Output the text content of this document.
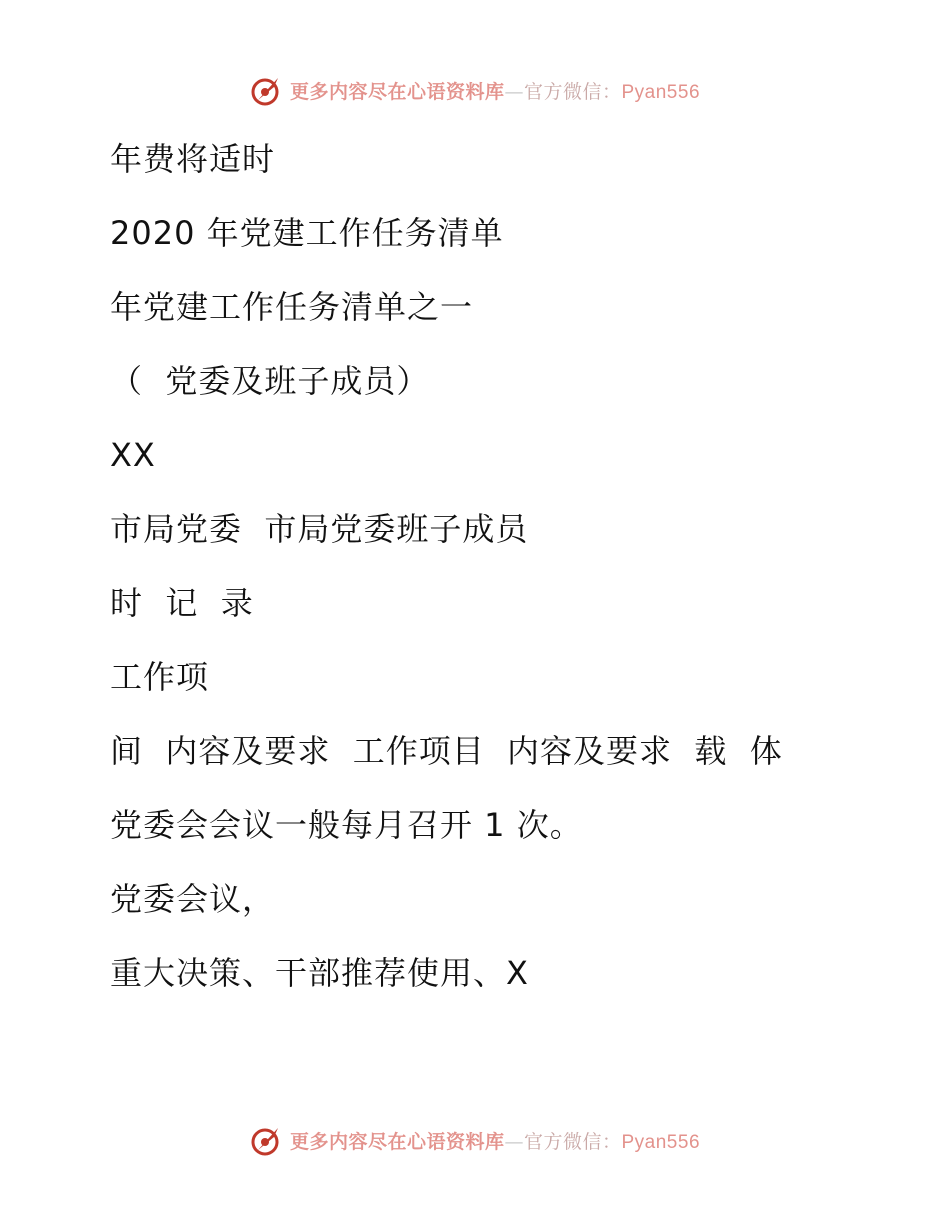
更多内容尽在心语资料库—官方微信：Pyan556
年费将适时
2020 年党建工作任务清单
年党建工作任务清单之一
（  党委及班子成员）
XX
市局党委  市局党委班子成员
时  记  录
工作项
间  内容及要求  工作项目  内容及要求  载  体
党委会会议一般每月召开 1 次。
党委会议，
重大决策、干部推荐使用、X
更多内容尽在心语资料库—官方微信：Pyan556
